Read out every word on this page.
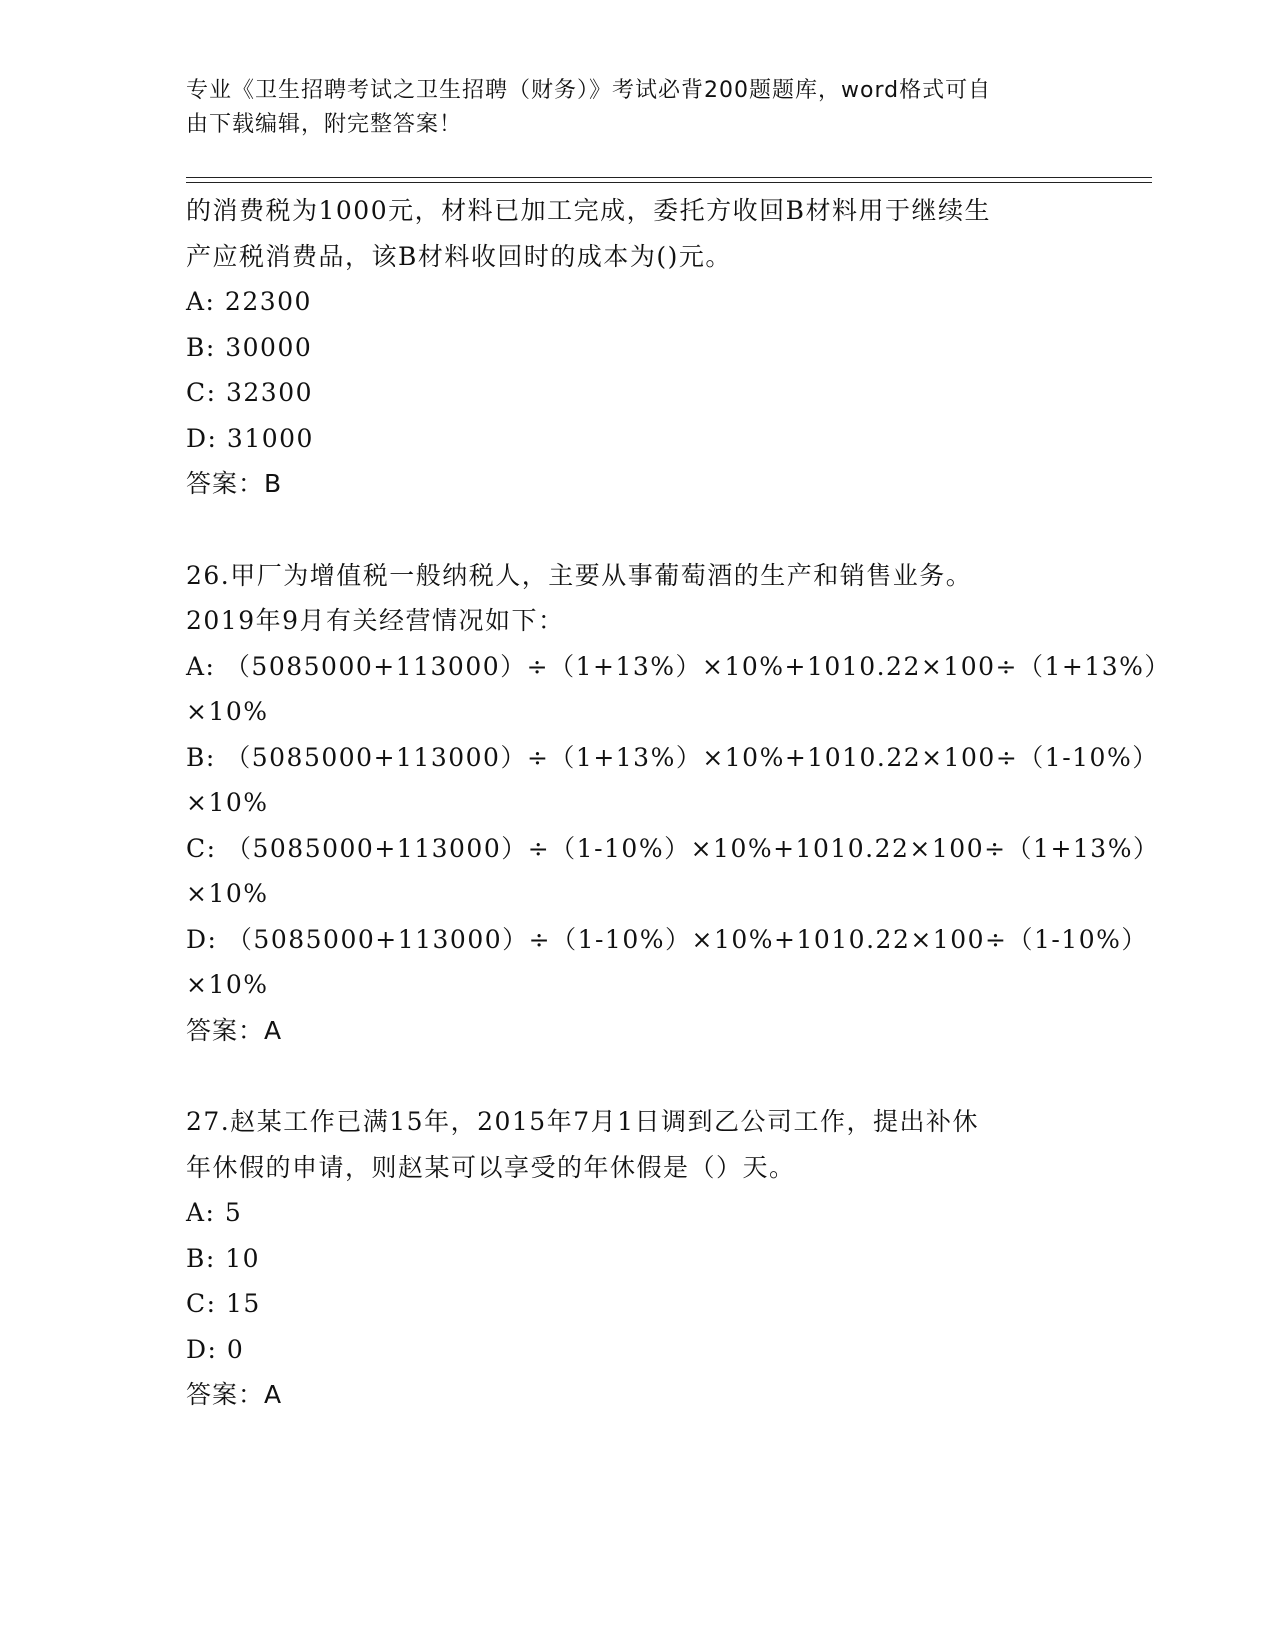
专业《卫生招聘考试之卫生招聘（财务）》考试必背200题题库，word格式可自
由下载编辑，附完整答案！
的消费税为1000元，材料已加工完成，委托方收回B材料用于继续生
产应税消费品，该B材料收回时的成本为()元。
A: 22300
B: 30000
C: 32300
D: 31000
答案：B
26.甲厂为增值税一般纳税人，主要从事葡萄酒的生产和销售业务。
2019年9月有关经营情况如下：
A: （5085000+113000）÷（1+13%）×10%+1010.22×100÷（1+13%）
×10%
B: （5085000+113000）÷（1+13%）×10%+1010.22×100÷（1-10%）
×10%
C: （5085000+113000）÷（1-10%）×10%+1010.22×100÷（1+13%）
×10%
D: （5085000+113000）÷（1-10%）×10%+1010.22×100÷（1-10%）
×10%
答案：A
27.赵某工作已满15年，2015年7月1日调到乙公司工作，提出补休
年休假的申请，则赵某可以享受的年休假是（）天。
A: 5
B: 10
C: 15
D: 0
答案：A
